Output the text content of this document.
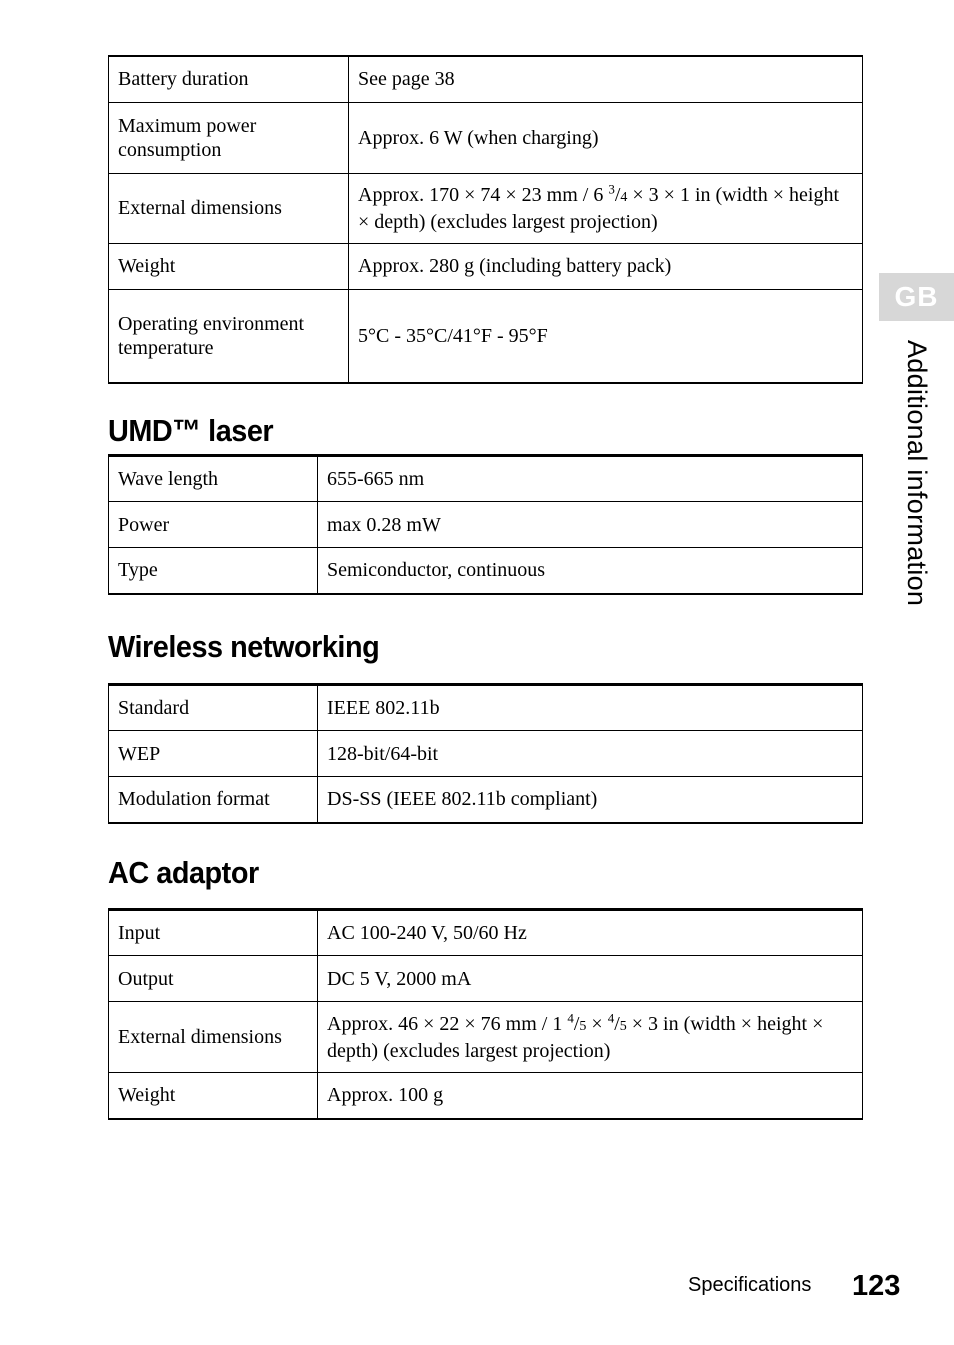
Battery duration	See page 38
Maximum power consumption	Approx. 6 W (when charging)
External dimensions	Approx. 170 × 74 × 23 mm / 6 $^3$/4 × 3 × 1 in (width × height × depth) (excludes largest projection)
Weight	Approx. 280 g (including battery pack)
Operating environment temperature	5°C - 35°C/41°F - 95°F
UMD™ laser
Wave length	655-665 nm
Power	max 0.28 mW
Type	Semiconductor, continuous
Wireless networking
Standard	IEEE 802.11b
WEP	128-bit/64-bit
Modulation format	DS-SS (IEEE 802.11b compliant)
AC adaptor
Input	AC 100-240 V, 50/60 Hz
Output	DC 5 V, 2000 mA
External dimensions	Approx. 46 × 22 × 76 mm / 1 $^4$/5 × $^4$/5 × 3 in (width × height × depth) (excludes largest projection)
Weight	Approx. 100 g
GB
Additional information
Specifications 123
